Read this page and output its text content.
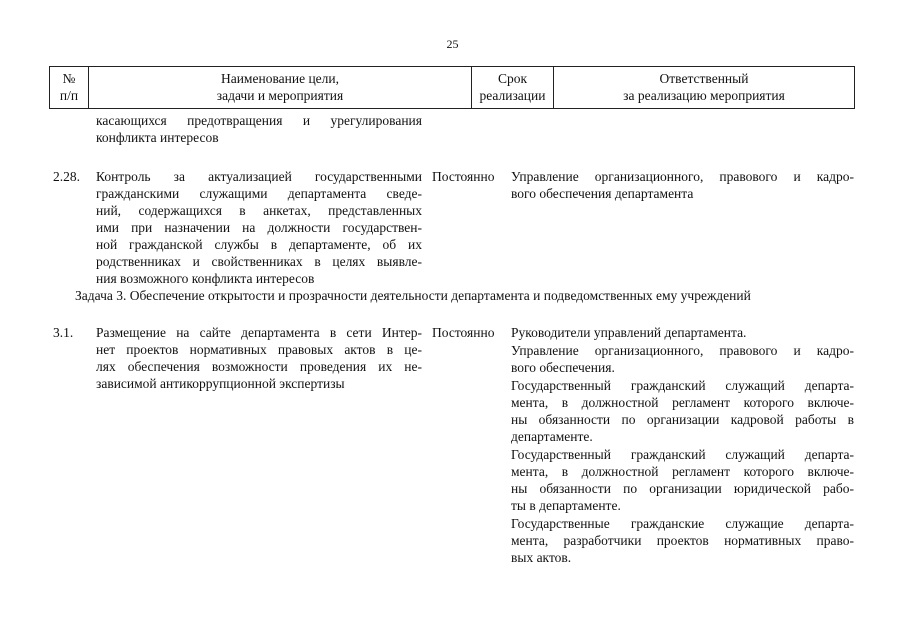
25
№
п/п
Наименование цели,
задачи и мероприятия
Срок
реализации
Ответственный
за реализацию мероприятия
касающихся предотвращения и урегулирования
конфликта интересов
2.28. Контроль за актуализацией государственными
гражданскими служащими департамента сведе-
ний, содержащихся в анкетах, представленных
ими при назначении на должности государствен-
ной гражданской службы в департаменте, об их
родственниках и свойственниках в целях выявле-
ния возможного конфликта интересов
Постоянно Управление организационного, правового и кадро-
вого обеспечения департамента
Задача 3. Обеспечение открытости и прозрачности деятельности департамента и подведомственных ему учреждений
3.1. Размещение на сайте департамента в сети Интер-
нет проектов нормативных правовых актов в це-
лях обеспечения возможности проведения их не-
зависимой антикоррупционной экспертизы
Постоянно Руководители управлений департамента.
Управление организационного, правового и кадро-
вого обеспечения.
Государственный гражданский служащий департа-
мента, в должностной регламент которого включе-
ны обязанности по организации кадровой работы в
департаменте.
Государственный гражданский служащий департа-
мента, в должностной регламент которого включе-
ны обязанности по организации юридической рабо-
ты в департаменте.
Государственные гражданские служащие департа-
мента, разработчики проектов нормативных право-
вых актов.
